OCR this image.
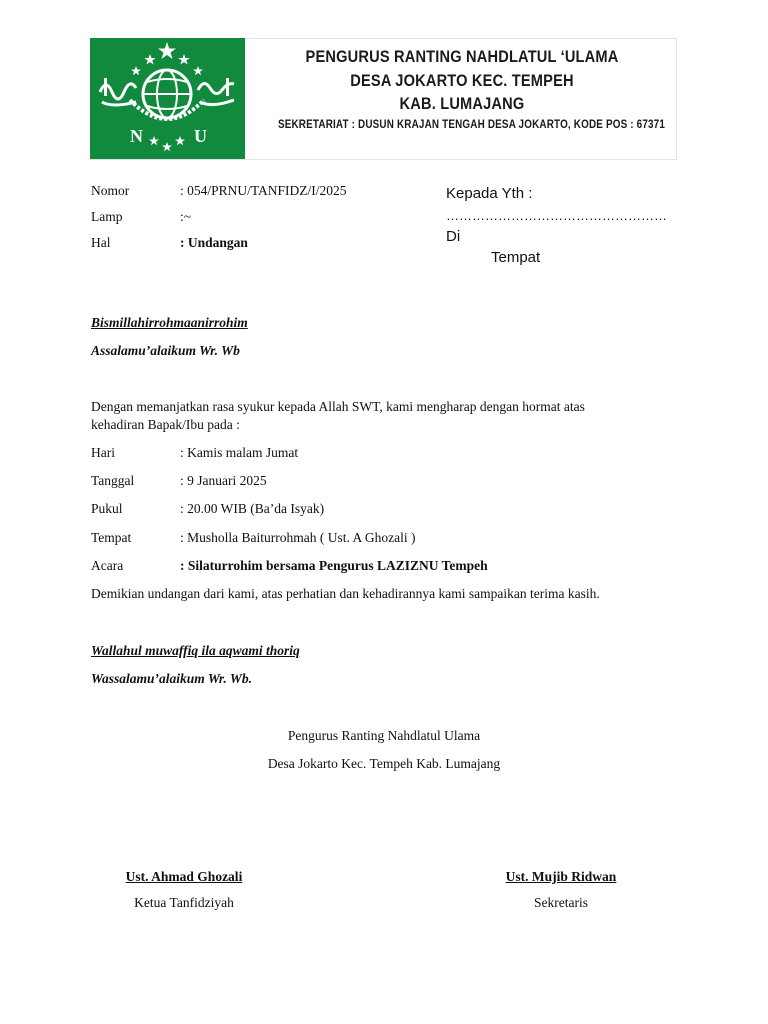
N	U
PENGURUS RANTING NAHDLATUL ‘ULAMA
DESA JOKARTO KEC. TEMPEH
KAB. LUMAJANG
SEKRETARIAT : DUSUN KRAJAN TENGAH DESA JOKARTO, KODE POS : 67371
Nomor	: 054/PRNU/TANFIDZ/I/2025
Lamp	:~
Hal	: Undangan
Kepada Yth :
……………………………………………
Di
Tempat
Bismillahirrohmaanirrohim
Assalamu’alaikum Wr. Wb
Dengan memanjatkan rasa syukur kepada Allah SWT, kami mengharap dengan hormat atas
kehadiran Bapak/Ibu pada :
Hari	: Kamis malam Jumat
Tanggal	: 9 Januari 2025
Pukul	: 20.00 WIB (Ba’da Isyak)
Tempat	: Musholla Baiturrohmah ( Ust. A Ghozali )
Acara	: Silaturrohim bersama Pengurus LAZIZNU Tempeh
Demikian undangan dari kami, atas perhatian dan kehadirannya kami sampaikan terima kasih.
Wallahul muwaffiq ila aqwami thoriq
Wassalamu’alaikum Wr. Wb.
Pengurus Ranting Nahdlatul Ulama
Desa Jokarto Kec. Tempeh Kab. Lumajang
Ust. Ahmad Ghozali
Ketua Tanfidziyah
Ust. Mujib Ridwan
Sekretaris
